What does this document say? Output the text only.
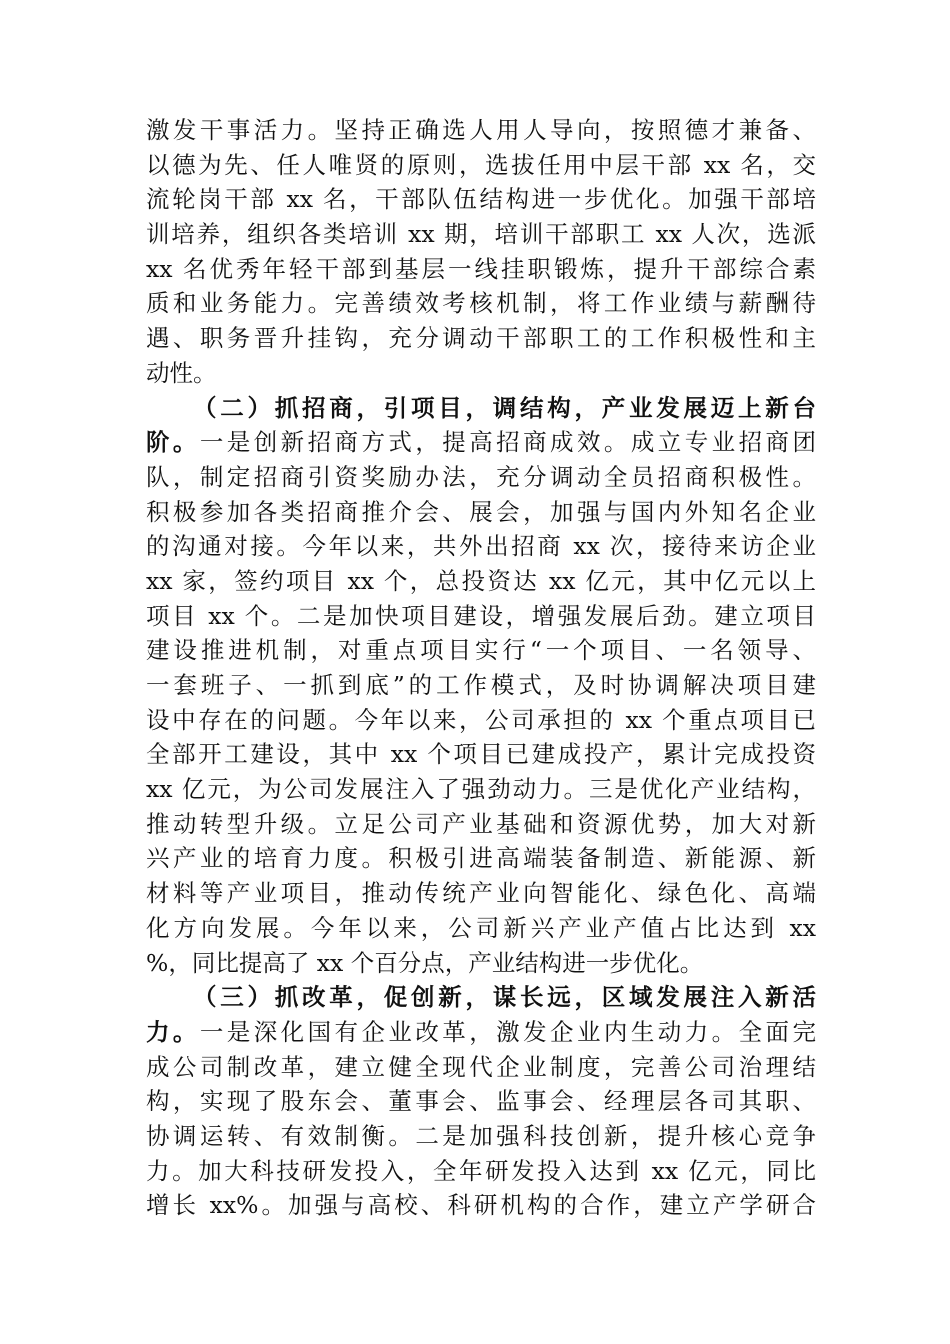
激发干事活力。坚持正确选人用人导向，按照德才兼备、
以德为先、任人唯贤的原则，选拔任用中层干部 xx 名，交
流轮岗干部 xx 名，干部队伍结构进一步优化。加强干部培
训培养，组织各类培训 xx 期，培训干部职工 xx 人次，选派
xx 名优秀年轻干部到基层一线挂职锻炼，提升干部综合素
质和业务能力。完善绩效考核机制，将工作业绩与薪酬待
遇、职务晋升挂钩，充分调动干部职工的工作积极性和主
动性。
（二）抓招商，引项目，调结构，产业发展迈上新台
阶。一是创新招商方式，提高招商成效。成立专业招商团
队，制定招商引资奖励办法，充分调动全员招商积极性。
积极参加各类招商推介会、展会，加强与国内外知名企业
的沟通对接。今年以来，共外出招商 xx 次，接待来访企业
xx 家，签约项目 xx 个，总投资达 xx 亿元，其中亿元以上
项目 xx 个。二是加快项目建设，增强发展后劲。建立项目
建设推进机制，对重点项目实行“一个项目、一名领导、
一套班子、一抓到底”的工作模式，及时协调解决项目建
设中存在的问题。今年以来，公司承担的 xx 个重点项目已
全部开工建设，其中 xx 个项目已建成投产，累计完成投资
xx 亿元，为公司发展注入了强劲动力。三是优化产业结构，
推动转型升级。立足公司产业基础和资源优势，加大对新
兴产业的培育力度。积极引进高端装备制造、新能源、新
材料等产业项目，推动传统产业向智能化、绿色化、高端
化方向发展。今年以来，公司新兴产业产值占比达到 xx
%，同比提高了 xx 个百分点，产业结构进一步优化。
（三）抓改革，促创新，谋长远，区域发展注入新活
力。一是深化国有企业改革，激发企业内生动力。全面完
成公司制改革，建立健全现代企业制度，完善公司治理结
构，实现了股东会、董事会、监事会、经理层各司其职、
协调运转、有效制衡。二是加强科技创新，提升核心竞争
力。加大科技研发投入，全年研发投入达到 xx 亿元，同比
增长 xx%。加强与高校、科研机构的合作，建立产学研合
